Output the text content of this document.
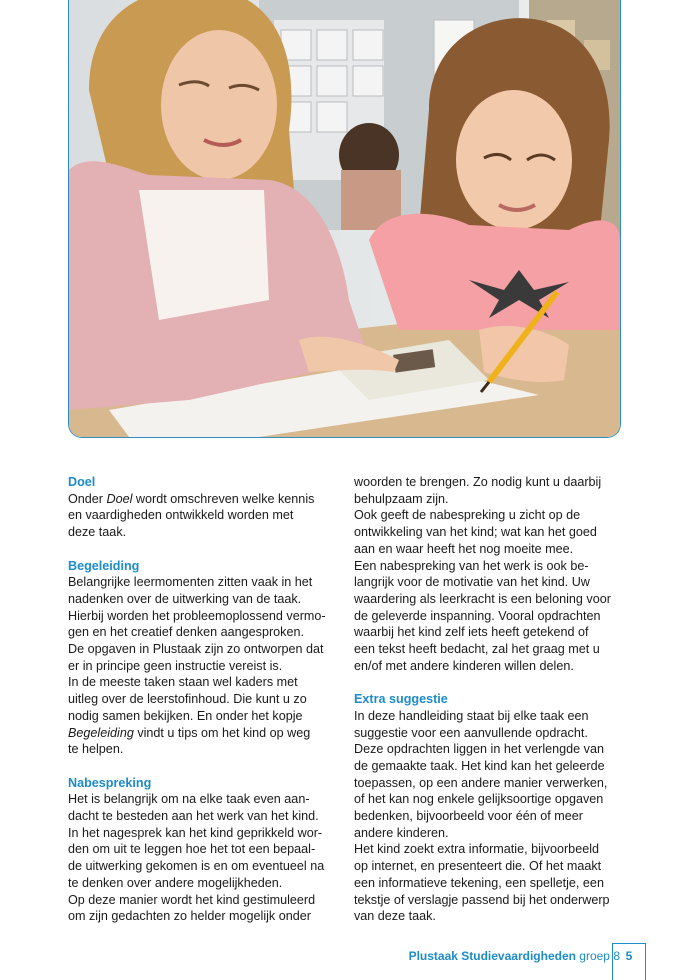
Doel

Onder Doel wordt omschreven welke kennis
en vaardigheden ontwikkeld worden met
deze taak.

Begeleiding

Belangrijke leermomenten zitten vaak in het
nadenken over de uitwerking van de taak.
Hierbij worden het probleemoplossend vermo-
gen en het creatief denken aangesproken.
De opgaven in Plustaak zijn zo ontworpen dat
er in principe geen instructie vereist is.
In de meeste taken staan wel kaders met
uitleg over de leerstofinhoud. Die kunt u zo
nodig samen bekijken. En onder het kopje
Begeleiding vindt u tips om het kind op weg
te helpen.

Nabespreking

Het is belangrijk om na elke taak even aan-
dacht te besteden aan het werk van het kind.
In het nagesprek kan het kind geprikkeld wor-
den om uit te leggen hoe het tot een bepaal-
de uitwerking gekomen is en om eventueel na
te denken over andere mogelijkheden.
Op deze manier wordt het kind gestimuleerd
om zijn gedachten zo helder mogelijk onder

woorden te brengen. Zo nodig kunt u daarbij
behulpzaam zijn.
Ook geeft de nabespreking u zicht op de
ontwikkeling van het kind; wat kan het goed
aan en waar heeft het nog moeite mee.
Een nabespreking van het werk is ook be-
langrijk voor de motivatie van het kind. Uw
waardering als leerkracht is een beloning voor
de geleverde inspanning. Vooral opdrachten
waarbij het kind zelf iets heeft getekend of
een tekst heeft bedacht, zal het graag met u
en/of met andere kinderen willen delen.

Extra suggestie

In deze handleiding staat bij elke taak een
suggestie voor een aanvullende opdracht.
Deze opdrachten liggen in het verlengde van
de gemaakte taak. Het kind kan het geleerde
toepassen, op een andere manier verwerken,
of het kan nog enkele gelijksoortige opgaven
bedenken, bijvoorbeeld voor één of meer
andere kinderen.
Het kind zoekt extra informatie, bijvoorbeeld
op internet, en presenteert die. Of het maakt
een informatieve tekening, een spelletje, een
tekstje of verslagje passend bij het onderwerp
van deze taak.

Plustaak Studievaardigheden groep 8 5
